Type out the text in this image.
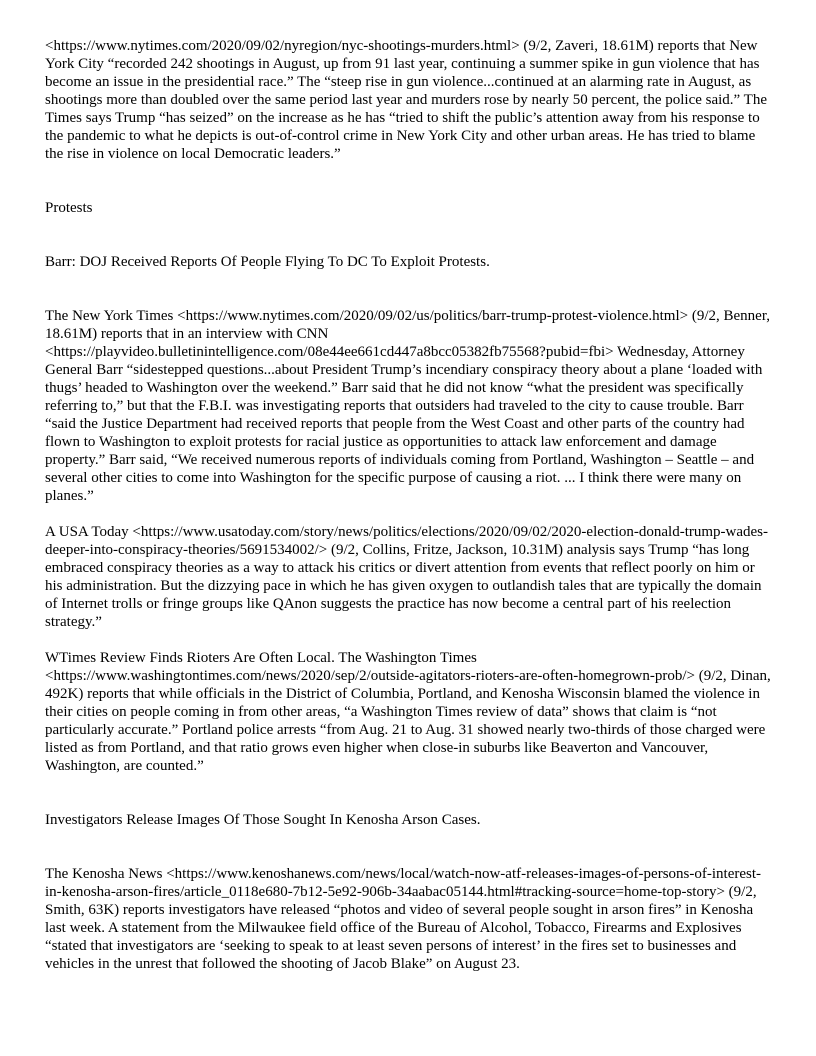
<https://www.nytimes.com/2020/09/02/nyregion/nyc-shootings-murders.html> (9/2, Zaveri, 18.61M) reports that New York City “recorded 242 shootings in August, up from 91 last year, continuing a summer spike in gun violence that has become an issue in the presidential race.” The “steep rise in gun violence...continued at an alarming rate in August, as shootings more than doubled over the same period last year and murders rose by nearly 50 percent, the police said.” The Times says Trump “has seized” on the increase as he has “tried to shift the public’s attention away from his response to the pandemic to what he depicts is out-of-control crime in New York City and other urban areas. He has tried to blame the rise in violence on local Democratic leaders.”

Protests

Barr: DOJ Received Reports Of People Flying To DC To Exploit Protests.

The New York Times <https://www.nytimes.com/2020/09/02/us/politics/barr-trump-protest-violence.html> (9/2, Benner, 18.61M) reports that in an interview with CNN <https://playvideo.bulletinintelligence.com/08e44ee661cd447a8bcc05382fb75568?pubid=fbi> Wednesday, Attorney General Barr “sidestepped questions...about President Trump’s incendiary conspiracy theory about a plane ‘loaded with thugs’ headed to Washington over the weekend.” Barr said that he did not know “what the president was specifically referring to,” but that the F.B.I. was investigating reports that outsiders had traveled to the city to cause trouble. Barr “said the Justice Department had received reports that people from the West Coast and other parts of the country had flown to Washington to exploit protests for racial justice as opportunities to attack law enforcement and damage property.” Barr said, “We received numerous reports of individuals coming from Portland, Washington – Seattle – and several other cities to come into Washington for the specific purpose of causing a riot. ... I think there were many on planes.”

A USA Today <https://www.usatoday.com/story/news/politics/elections/2020/09/02/2020-election-donald-trump-wades-deeper-into-conspiracy-theories/5691534002/> (9/2, Collins, Fritze, Jackson, 10.31M) analysis says Trump “has long embraced conspiracy theories as a way to attack his critics or divert attention from events that reflect poorly on him or his administration. But the dizzying pace in which he has given oxygen to outlandish tales that are typically the domain of Internet trolls or fringe groups like QAnon suggests the practice has now become a central part of his reelection strategy.”

WTimes Review Finds Rioters Are Often Local. The Washington Times <https://www.washingtontimes.com/news/2020/sep/2/outside-agitators-rioters-are-often-homegrown-prob/> (9/2, Dinan, 492K) reports that while officials in the District of Columbia, Portland, and Kenosha Wisconsin blamed the violence in their cities on people coming in from other areas, “a Washington Times review of data” shows that claim is “not particularly accurate.” Portland police arrests “from Aug. 21 to Aug. 31 showed nearly two-thirds of those charged were listed as from Portland, and that ratio grows even higher when close-in suburbs like Beaverton and Vancouver, Washington, are counted.”

Investigators Release Images Of Those Sought In Kenosha Arson Cases.

The Kenosha News <https://www.kenoshanews.com/news/local/watch-now-atf-releases-images-of-persons-of-interest-in-kenosha-arson-fires/article_0118e680-7b12-5e92-906b-34aabac05144.html#tracking-source=home-top-story> (9/2, Smith, 63K) reports investigators have released “photos and video of several people sought in arson fires” in Kenosha last week. A statement from the Milwaukee field office of the Bureau of Alcohol, Tobacco, Firearms and Explosives “stated that investigators are ‘seeking to speak to at least seven persons of interest’ in the fires set to businesses and vehicles in the unrest that followed the shooting of Jacob Blake” on August 23.
